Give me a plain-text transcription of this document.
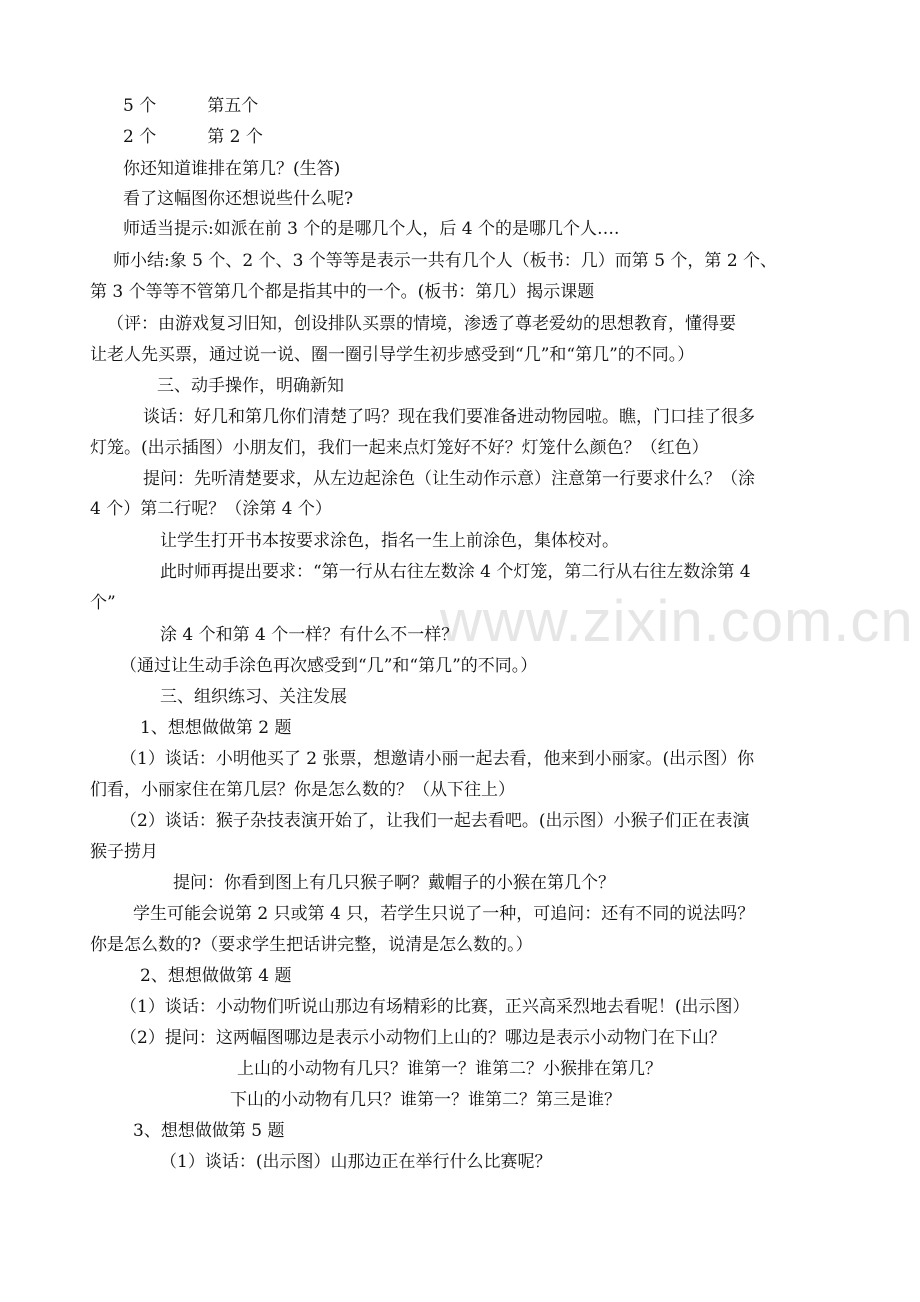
www.zixin.com.cn
5 个　　　第五个
2 个　　　第 2 个
你还知道谁排在第几？(生答)
看了这幅图你还想说些什么呢?
师适当提示:如派在前 3 个的是哪几个人，后 4 个的是哪几个人….
师小结:象 5 个、2 个、3 个等等是表示一共有几个人（板书：几）而第 5 个，第 2 个、
第 3 个等等不管第几个都是指其中的一个。(板书：第几）揭示课题
（评：由游戏复习旧知，创设排队买票的情境，渗透了尊老爱幼的思想教育，懂得要
让老人先买票，通过说一说、圈一圈引导学生初步感受到“几”和“第几”的不同。）
三、动手操作，明确新知
谈话：好几和第几你们清楚了吗？现在我们要准备进动物园啦。瞧，门口挂了很多
灯笼。(出示插图）小朋友们，我们一起来点灯笼好不好？灯笼什么颜色？（红色）
提问：先听清楚要求，从左边起涂色（让生动作示意）注意第一行要求什么？（涂
4 个）第二行呢？（涂第 4 个）
让学生打开书本按要求涂色，指名一生上前涂色，集体校对。
此时师再提出要求：“第一行从右往左数涂 4 个灯笼，第二行从右往左数涂第 4
个”
涂 4 个和第 4 个一样？有什么不一样？
（通过让生动手涂色再次感受到“几”和“第几”的不同。）
三、组织练习、关注发展
1、想想做做第 2 题
（1）谈话：小明他买了 2 张票，想邀请小丽一起去看，他来到小丽家。(出示图）你
们看，小丽家住在第几层？你是怎么数的？（从下往上）
（2）谈话：猴子杂技表演开始了，让我们一起去看吧。(出示图）小猴子们正在表演
猴子捞月
提问：你看到图上有几只猴子啊？戴帽子的小猴在第几个？
学生可能会说第 2 只或第 4 只，若学生只说了一种，可追问：还有不同的说法吗？
你是怎么数的?（要求学生把话讲完整，说清是怎么数的。）
2、想想做做第 4 题
（1）谈话：小动物们听说山那边有场精彩的比赛，正兴高采烈地去看呢！(出示图）
（2）提问：这两幅图哪边是表示小动物们上山的？哪边是表示小动物门在下山？
上山的小动物有几只？谁第一？谁第二？小猴排在第几？
下山的小动物有几只？谁第一？谁第二？第三是谁？
3、想想做做第 5 题
（1）谈话：(出示图）山那边正在举行什么比赛呢？
